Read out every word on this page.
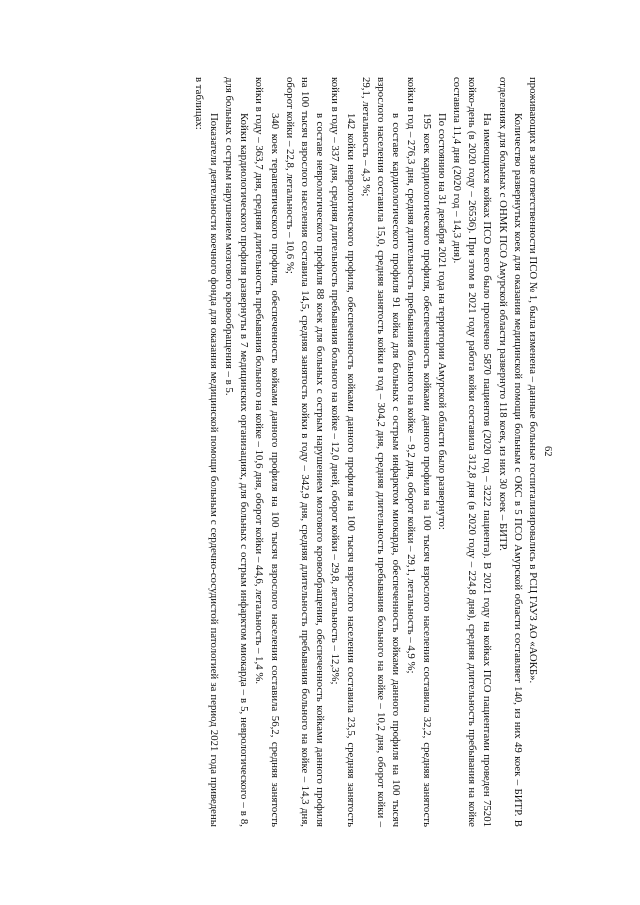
62

проживающих в зоне ответственности ПСО № 1, была изменена – данные больные госпитализировались в РСЦ ГАУЗ АО «АОКБ».

Количество развернутых коек для оказания медицинской помощи больным с ОКС в 5 ПСО Амурской области составляет 140, из них 49 коек – БИТР. В отделениях для больных с ОНМК ПСО Амурской области развернуто 118 коек, из них 30 коек – БИТР.

На имеющихся койках ПСО всего было пролечено 5870 пациентов (2020 год – 3222 пациента). В 2021 году на койках ПСО пациентами проведен 75201 койко-день (в 2020 году – 26536). При этом в 2021 году работа койки составила 312,8 дня (в 2020 году – 224,8 дня), средняя длительность пребывания на койке составила 11,4 дня (2020 год – 14,3 дня).

По состоянию на 31 декабря 2021 года на территории Амурской области было развернуто:

195 коек кардиологического профиля, обеспеченность койками данного профиля на 100 тысяч взрослого населения составила 32,2, средняя занятость койки в год – 276,3 дня, средняя длительность пребывания больного на койке – 9,2 дня, оборот койки – 29,1, летальность – 4,9 %;

в составе кардиологического профиля 91 койка для больных с острым инфарктом миокарда, обеспеченность койками данного профиля на 100 тысяч взрослого населения составила 15,0, средняя занятость койки в год – 304,2 дня, средняя длительность пребывания больного на койке – 10,2 дня, оборот койки – 29,1, летальность – 4,3 %;

142 койки неврологического профиля, обеспеченность койками данного профиля на 100 тысяч взрослого населения составила 23,5, средняя занятость койки в году – 337 дня, средняя длительность пребывания больного на койке – 12,0 дней, оборот койки – 29,8, летальность – 12,3%;

в составе неврологического профиля 88 коек для больных с острым нарушением мозгового кровообращения, обеспеченность койками данного профиля на 100 тысяч взрослого населения составила 14,5, средняя занятость койки в году – 342,9 дня, средняя длительность пребывания больного на койке – 14,3 дня, оборот койки – 22,8, летальность – 10,6 %;

340 коек терапевтического профиля, обеспеченность койками данного профиля на 100 тысяч взрослого населения составила 56,2, средняя занятость койки в году – 363,7 дня, средняя длительность пребывания больного на койке – 10,6 дня, оборот койки – 44,6, летальность – 1,4 %.

Койки кардиологического профиля развернуты в 7 медицинских организациях, для больных с острым инфарктом миокарда – в 5, неврологического – в 8, для больных с острым нарушением мозгового кровообращения – в 5.

Показатели деятельности коечного фонда для оказания медицинской помощи больным с сердечно-сосудистой патологией за период 2021 года приведены в таблицах:
